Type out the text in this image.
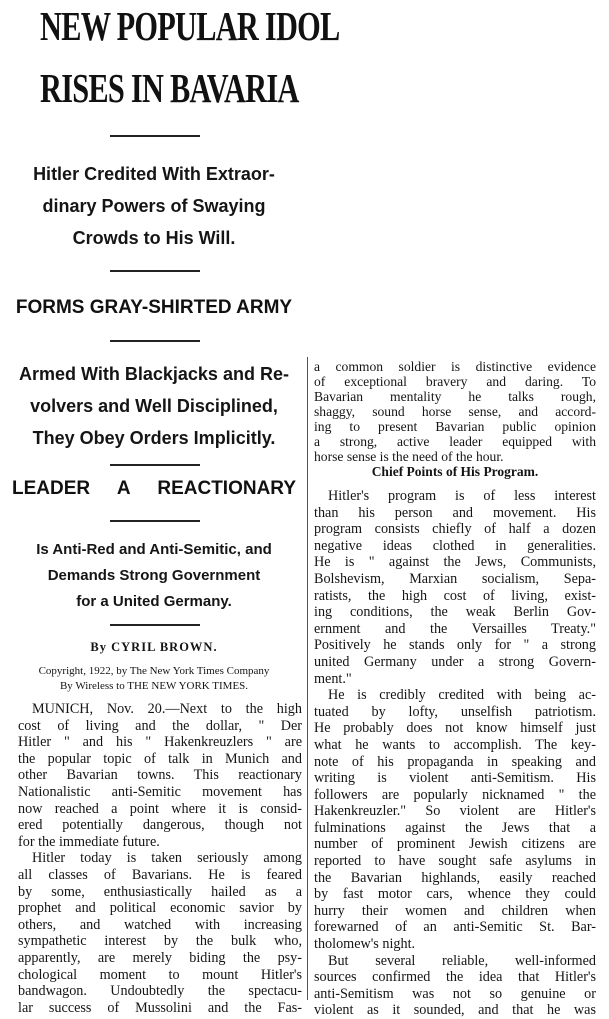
NEW POPULAR IDOL
RISES IN BAVARIA
Hitler Credited With Extraor-
dinary Powers of Swaying
Crowds to His Will.
FORMS GRAY-SHIRTED ARMY
Armed With Blackjacks and Re-
volvers and Well Disciplined,
They Obey Orders Implicitly.
LEADER A REACTIONARY
Is Anti-Red and Anti-Semitic, and
Demands Strong Government
for a United Germany.
By CYRIL BROWN.
Copyright, 1922, by The New York Times Company
By Wireless to THE NEW YORK TIMES.
MUNICH, Nov. 20.—Next to the high
cost of living and the dollar, " Der
Hitler " and his " Hakenkreuzlers " are
the popular topic of talk in Munich and
other Bavarian towns. This reactionary
Nationalistic anti-Semitic movement has
now reached a point where it is consid-
ered potentially dangerous, though not
for the immediate future.
Hitler today is taken seriously among
all classes of Bavarians. He is feared
by some, enthusiastically hailed as a
prophet and political economic savior by
others, and watched with increasing
sympathetic interest by the bulk who,
apparently, are merely biding the psy-
chological moment to mount Hitler's
bandwagon. Undoubtedly the spectacu-
lar success of Mussolini and the Fas-
a common soldier is distinctive evidence
of exceptional bravery and daring. To
Bavarian mentality he talks rough,
shaggy, sound horse sense, and accord-
ing to present Bavarian public opinion
a strong, active leader equipped with
horse sense is the need of the hour.
Chief Points of His Program.
Hitler's program is of less interest
than his person and movement. His
program consists chiefly of half a dozen
negative ideas clothed in generalities.
He is " against the Jews, Communists,
Bolshevism, Marxian socialism, Sepa-
ratists, the high cost of living, exist-
ing conditions, the weak Berlin Gov-
ernment and the Versailles Treaty."
Positively he stands only for " a strong
united Germany under a strong Govern-
ment."
He is credibly credited with being ac-
tuated by lofty, unselfish patriotism.
He probably does not know himself just
what he wants to accomplish. The key-
note of his propaganda in speaking and
writing is violent anti-Semitism. His
followers are popularly nicknamed " the
Hakenkreuzler." So violent are Hitler's
fulminations against the Jews that a
number of prominent Jewish citizens are
reported to have sought safe asylums in
the Bavarian highlands, easily reached
by fast motor cars, whence they could
hurry their women and children when
forewarned of an anti-Semitic St. Bar-
tholomew's night.
But several reliable, well-informed
sources confirmed the idea that Hitler's
anti-Semitism was not so genuine or
violent as it sounded, and that he was
